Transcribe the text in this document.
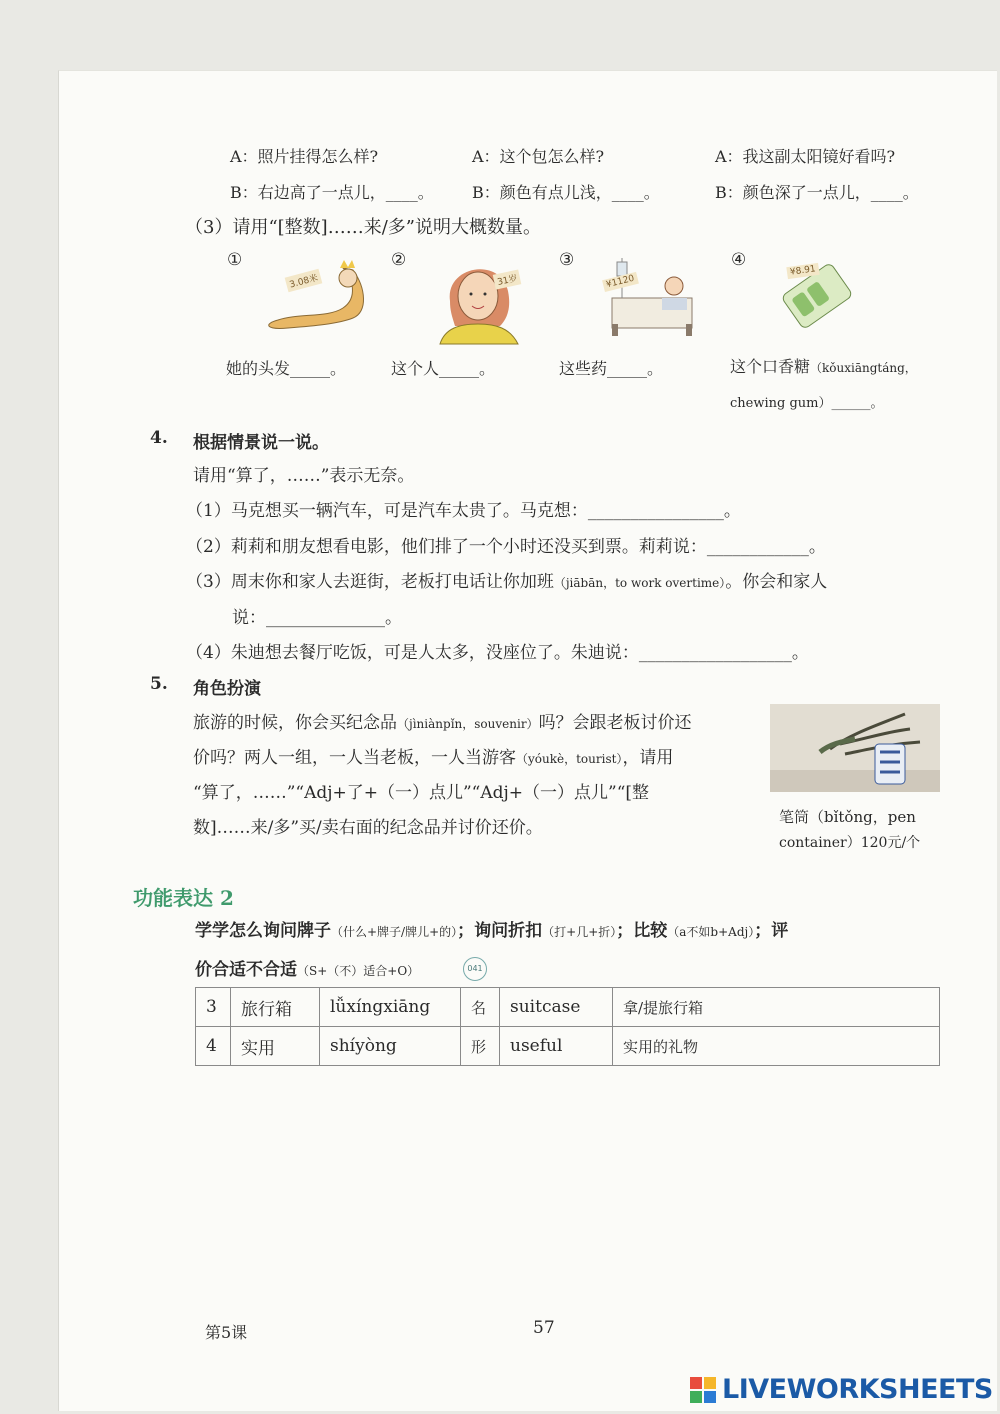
A：照片挂得怎么样?
B：右边高了一点儿，____。
A：这个包怎么样?
B：颜色有点儿浅，____。
A：我这副太阳镜好看吗?
B：颜色深了一点儿，____。
（3）请用“[整数]……来/多”说明大概数量。
①	②	③	④
3.08米	31岁	¥1120
¥8.91
她的头发_____。	这个人_____。	这些药_____。	这个口香糖（kǒuxiāngtáng，
chewing gum）______。
4. 根据情景说一说。
请用“算了，……”表示无奈。
（1）马克想买一辆汽车，可是汽车太贵了。马克想：________________。
（2）莉莉和朋友想看电影，他们排了一个小时还没买到票。莉莉说：____________。
（3）周末你和家人去逛街，老板打电话让你加班（jiābān，to work overtime）。你会和家人
说：______________。
（4）朱迪想去餐厅吃饭，可是人太多，没座位了。朱迪说：__________________。
5. 角色扮演
旅游的时候，你会买纪念品（jìniànpǐn，souvenir）吗？会跟老板讨价还
价吗？两人一组，一人当老板，一人当游客（yóukè，tourist），请用
“算了，……”“Adj+了+（一）点儿”“Adj+（一）点儿”“[整
数]……来/多”买/卖右面的纪念品并讨价还价。
笔筒（bǐtǒng，pen
container）120元/个
功能表达 2
学学怎么询问牌子（什么+牌子/牌儿+的）；询问折扣（打+几+折）；比较（a不如b+Adj）；评
价合适不合适（S+（不）适合+O）	041
3	旅行箱	lǚxíngxiāng	名	suitcase	拿/提旅行箱
4	实用	shíyòng	形	useful	实用的礼物
第5课	57
LIVEWORKSHEETS
